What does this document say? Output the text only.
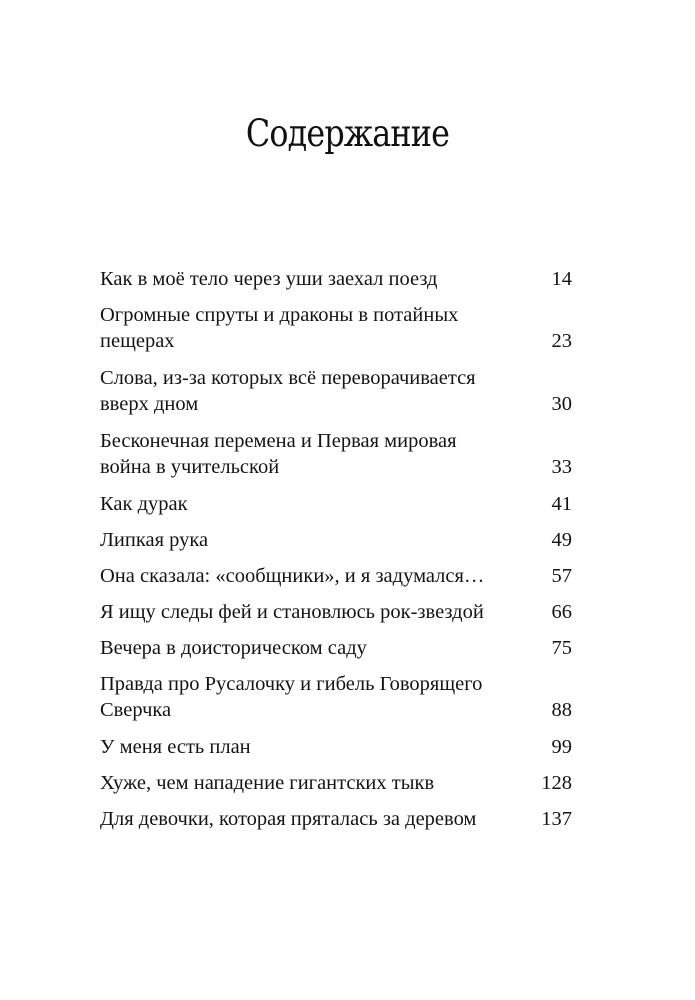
Содержание
Как в моё тело через уши заехал поезд	14
Огромные спруты и драконы в потайных пещерах	23
Слова, из-за которых всё переворачивается вверх дном	30
Бесконечная перемена и Первая мировая война в учительской	33
Как дурак	41
Липкая рука	49
Она сказала: «сообщники», и я задумался…	57
Я ищу следы фей и становлюсь рок-звездой	66
Вечера в доисторическом саду	75
Правда про Русалочку и гибель Говорящего Сверчка	88
У меня есть план	99
Хуже, чем нападение гигантских тыкв	128
Для девочки, которая пряталась за деревом	137
